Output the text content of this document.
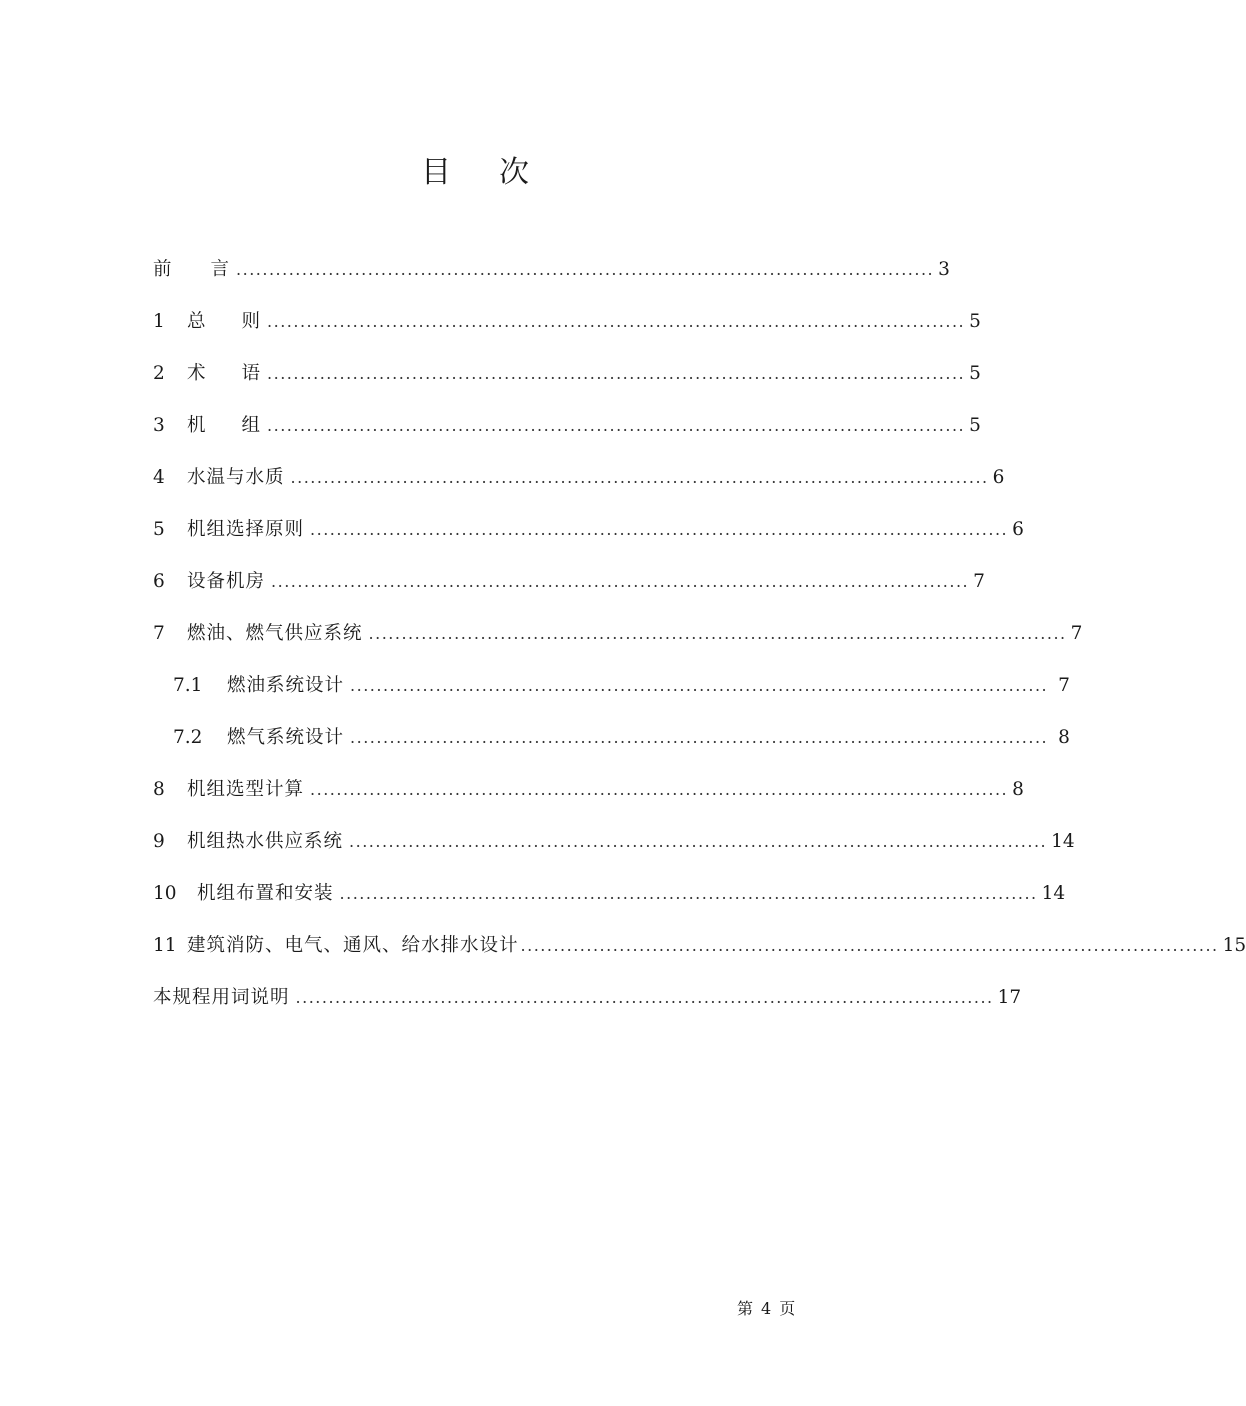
目 次
前 言 .......................................................................................................... 3
1	总 则 .......................................................................................................... 5
2	术 语 .......................................................................................................... 5
3	机 组 .......................................................................................................... 5
4	水温与水质 .......................................................................................................... 6
5	机组选择原则 .......................................................................................................... 6
6	设备机房 .......................................................................................................... 7
7	燃油、燃气供应系统 .......................................................................................................... 7
7.1	燃油系统设计 .......................................................................................................... 7
7.2	燃气系统设计 .......................................................................................................... 8
8	机组选型计算 .......................................................................................................... 8
9	机组热水供应系统 .......................................................................................................... 14
10	机组布置和安装 .......................................................................................................... 14
11 建筑消防、电气、通风、给水排水设计 .......................................................................................................... 15
本规程用词说明 .......................................................................................................... 17
第 4 页
